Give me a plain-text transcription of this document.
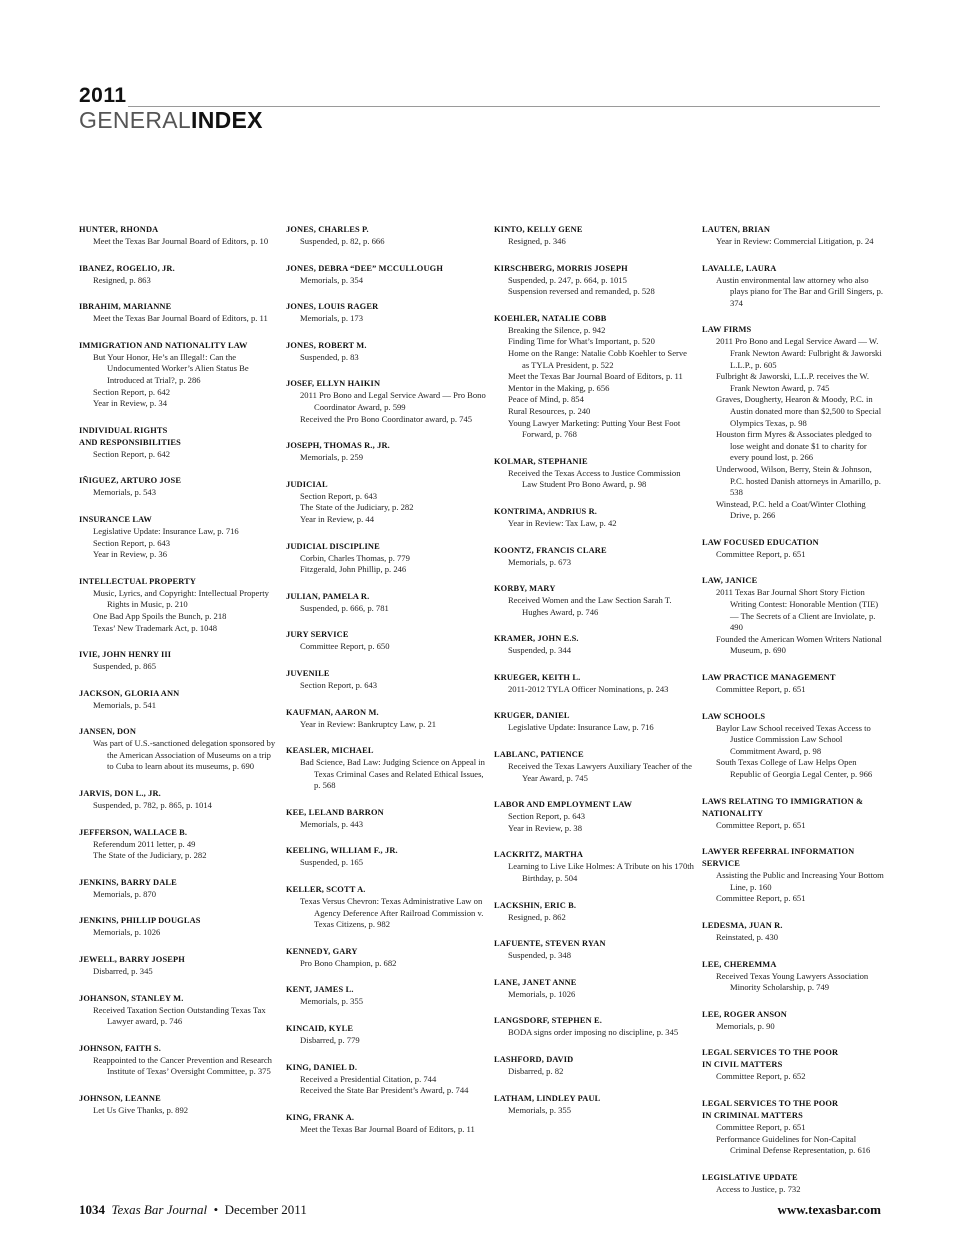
2011
GENERALINDEX
HUNTER, RHONDA
Meet the Texas Bar Journal Board of Editors, p. 10
IBANEZ, ROGELIO, JR.
Resigned, p. 863
IBRAHIM, MARIANNE
Meet the Texas Bar Journal Board of Editors, p. 11
IMMIGRATION AND NATIONALITY LAW
But Your Honor, He’s an Illegal!: Can the Undocumented Worker’s Alien Status Be Introduced at Trial?, p. 286
Section Report, p. 642
Year in Review, p. 34
INDIVIDUAL RIGHTS
AND RESPONSIBILITIES
Section Report, p. 642
IÑIGUEZ, ARTURO JOSE
Memorials, p. 543
INSURANCE LAW
Legislative Update: Insurance Law, p. 716
Section Report, p. 643
Year in Review, p. 36
INTELLECTUAL PROPERTY
Music, Lyrics, and Copyright: Intellectual Property Rights in Music, p. 210
One Bad App Spoils the Bunch, p. 218
Texas’ New Trademark Act, p. 1048
IVIE, JOHN HENRY III
Suspended, p. 865
JACKSON, GLORIA ANN
Memorials, p. 541
JANSEN, DON
Was part of U.S.-sanctioned delegation sponsored by the American Association of Museums on a trip to Cuba to learn about its museums, p. 690
JARVIS, DON L., JR.
Suspended, p. 782, p. 865, p. 1014
JEFFERSON, WALLACE B.
Referendum 2011 letter, p. 49
The State of the Judiciary, p. 282
JENKINS, BARRY DALE
Memorials, p. 870
JENKINS, PHILLIP DOUGLAS
Memorials, p. 1026
JEWELL, BARRY JOSEPH
Disbarred, p. 345
JOHANSON, STANLEY M.
Received Taxation Section Outstanding Texas Tax Lawyer award, p. 746
JOHNSON, FAITH S.
Reappointed to the Cancer Prevention and Research Institute of Texas’ Oversight Committee, p. 375
JOHNSON, LEANNE
Let Us Give Thanks, p. 892
JONES, CHARLES P.
Suspended, p. 82, p. 666
JONES, DEBRA “DEE” MCCULLOUGH
Memorials, p. 354
JONES, LOUIS RAGER
Memorials, p. 173
JONES, ROBERT M.
Suspended, p. 83
JOSEF, ELLYN HAIKIN
2011 Pro Bono and Legal Service Award — Pro Bono Coordinator Award, p. 599
Received the Pro Bono Coordinator award, p. 745
JOSEPH, THOMAS R., JR.
Memorials, p. 259
JUDICIAL
Section Report, p. 643
The State of the Judiciary, p. 282
Year in Review, p. 44
JUDICIAL DISCIPLINE
Corbin, Charles Thomas, p. 779
Fitzgerald, John Phillip, p. 246
JULIAN, PAMELA R.
Suspended, p. 666, p. 781
JURY SERVICE
Committee Report, p. 650
JUVENILE
Section Report, p. 643
KAUFMAN, AARON M.
Year in Review: Bankruptcy Law, p. 21
KEASLER, MICHAEL
Bad Science, Bad Law: Judging Science on Appeal in Texas Criminal Cases and Related Ethical Issues, p. 568
KEE, LELAND BARRON
Memorials, p. 443
KEELING, WILLIAM F., JR.
Suspended, p. 165
KELLER, SCOTT A.
Texas Versus Chevron: Texas Administrative Law on Agency Deference After Railroad Commission v. Texas Citizens, p. 982
KENNEDY, GARY
Pro Bono Champion, p. 682
KENT, JAMES L.
Memorials, p. 355
KINCAID, KYLE
Disbarred, p. 779
KING, DANIEL D.
Received a Presidential Citation, p. 744
Received the State Bar President’s Award, p. 744
KING, FRANK A.
Meet the Texas Bar Journal Board of Editors, p. 11
KINTO, KELLY GENE
Resigned, p. 346
KIRSCHBERG, MORRIS JOSEPH
Suspended, p. 247, p. 664, p. 1015
Suspension reversed and remanded, p. 528
KOEHLER, NATALIE COBB
Breaking the Silence, p. 942
Finding Time for What’s Important, p. 520
Home on the Range: Natalie Cobb Koehler to Serve as TYLA President, p. 522
Meet the Texas Bar Journal Board of Editors, p. 11
Mentor in the Making, p. 656
Peace of Mind, p. 854
Rural Resources, p. 240
Young Lawyer Marketing: Putting Your Best Foot Forward, p. 768
KOLMAR, STEPHANIE
Received the Texas Access to Justice Commission Law Student Pro Bono Award, p. 98
KONTRIMA, ANDRIUS R.
Year in Review: Tax Law, p. 42
KOONTZ, FRANCIS CLARE
Memorials, p. 673
KORBY, MARY
Received Women and the Law Section Sarah T. Hughes Award, p. 746
KRAMER, JOHN E.S.
Suspended, p. 344
KRUEGER, KEITH L.
2011-2012 TYLA Officer Nominations, p. 243
KRUGER, DANIEL
Legislative Update: Insurance Law, p. 716
LABLANC, PATIENCE
Received the Texas Lawyers Auxiliary Teacher of the Year Award, p. 745
LABOR AND EMPLOYMENT LAW
Section Report, p. 643
Year in Review, p. 38
LACKRITZ, MARTHA
Learning to Live Like Holmes: A Tribute on his 170th Birthday, p. 504
LACKSHIN, ERIC B.
Resigned, p. 862
LAFUENTE, STEVEN RYAN
Suspended, p. 348
LANE, JANET ANNE
Memorials, p. 1026
LANGSDORF, STEPHEN E.
BODA signs order imposing no discipline, p. 345
LASHFORD, DAVID
Disbarred, p. 82
LATHAM, LINDLEY PAUL
Memorials, p. 355
LAUTEN, BRIAN
Year in Review: Commercial Litigation, p. 24
LAVALLE, LAURA
Austin environmental law attorney who also plays piano for The Bar and Grill Singers, p. 374
LAW FIRMS
2011 Pro Bono and Legal Service Award — W. Frank Newton Award: Fulbright & Jaworski L.L.P., p. 605
Fulbright & Jaworski, L.L.P. receives the W. Frank Newton Award, p. 745
Graves, Dougherty, Hearon & Moody, P.C. in Austin donated more than $2,500 to Special Olympics Texas, p. 98
Houston firm Myres & Associates pledged to lose weight and donate $1 to charity for every pound lost, p. 266
Underwood, Wilson, Berry, Stein & Johnson, P.C. hosted Danish attorneys in Amarillo, p. 538
Winstead, P.C. held a Coat/Winter Clothing Drive, p. 266
LAW FOCUSED EDUCATION
Committee Report, p. 651
LAW, JANICE
2011 Texas Bar Journal Short Story Fiction Writing Contest: Honorable Mention (TIE) — The Secrets of a Client are Inviolate, p. 490
Founded the American Women Writers National Museum, p. 690
LAW PRACTICE MANAGEMENT
Committee Report, p. 651
LAW SCHOOLS
Baylor Law School received Texas Access to Justice Commission Law School Commitment Award, p. 98
South Texas College of Law Helps Open Republic of Georgia Legal Center, p. 966
LAWS RELATING TO IMMIGRATION &
NATIONALITY
Committee Report, p. 651
LAWYER REFERRAL INFORMATION SERVICE
Assisting the Public and Increasing Your Bottom Line, p. 160
Committee Report, p. 651
LEDESMA, JUAN R.
Reinstated, p. 430
LEE, CHEREMMA
Received Texas Young Lawyers Association Minority Scholarship, p. 749
LEE, ROGER ANSON
Memorials, p. 90
LEGAL SERVICES TO THE POOR
IN CIVIL MATTERS
Committee Report, p. 652
LEGAL SERVICES TO THE POOR
IN CRIMINAL MATTERS
Committee Report, p. 651
Performance Guidelines for Non-Capital Criminal Defense Representation, p. 616
LEGISLATIVE UPDATE
Access to Justice, p. 732
1034 Texas Bar Journal • December 2011	www.texasbar.com
